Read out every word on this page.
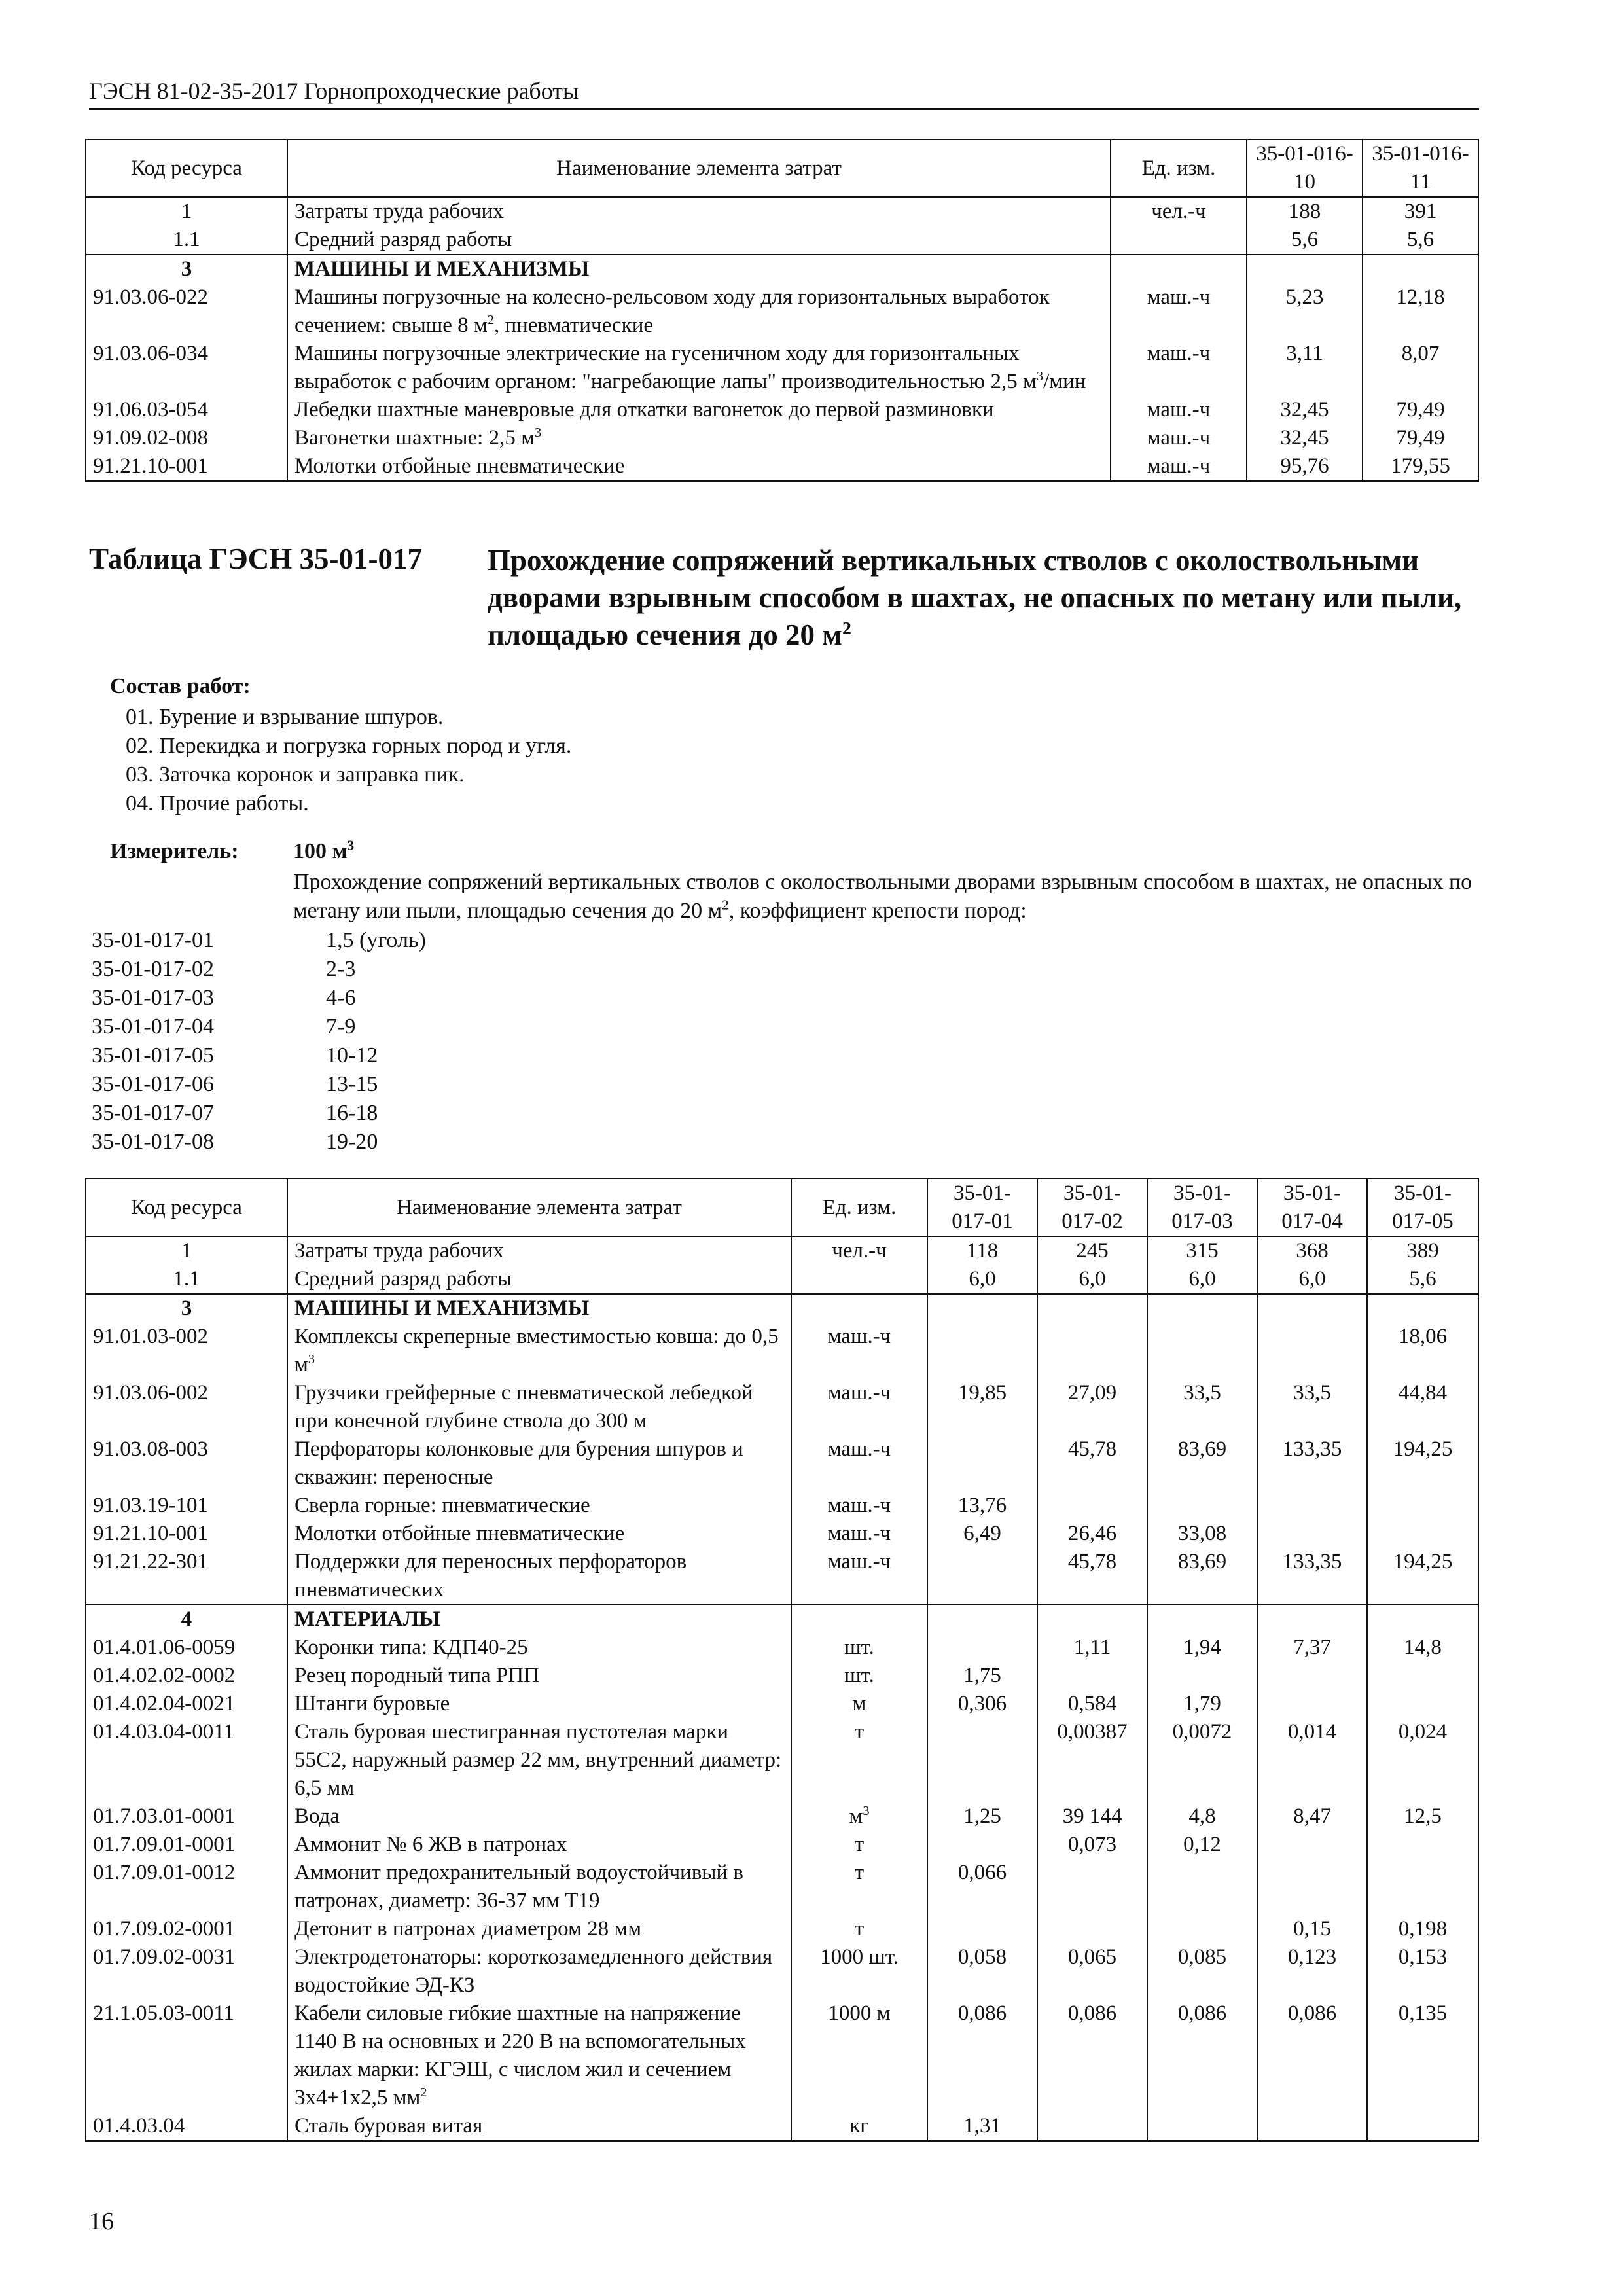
ГЭСН 81-02-35-2017 Горнопроходческие работы
Код ресурса	Наименование элемента затрат	Ед. изм.	35-01-016-10	35-01-016-11
1	Затраты труда рабочих	чел.-ч	188	391
1.1	Средний разряд работы		5,6	5,6
3	МАШИНЫ И МЕХАНИЗМЫ			
91.03.06-022	Машины погрузочные на колесно-рельсовом ходу для горизонтальных выработок сечением: свыше 8 $м^2$, пневматические	маш.-ч	5,23	12,18
91.03.06-034	Машины погрузочные электрические на гусеничном ходу для горизонтальных выработок с рабочим органом: "нагребающие лапы" производительностью 2,5 $м^3$/мин	маш.-ч	3,11	8,07
91.06.03-054	Лебедки шахтные маневровые для откатки вагонеток до первой разминовки	маш.-ч	32,45	79,49
91.09.02-008	Вагонетки шахтные: 2,5 $м^3$	маш.-ч	32,45	79,49
91.21.10-001	Молотки отбойные пневматические	маш.-ч	95,76	179,55
Таблица ГЭСН 35-01-017 Прохождение сопряжений вертикальных стволов с околоствольными дворами взрывным способом в шахтах, не опасных по метану или пыли, площадью сечения до 20 $м^2$
Состав работ:
01. Бурение и взрывание шпуров.
02. Перекидка и погрузка горных пород и угля.
03. Заточка коронок и заправка пик.
04. Прочие работы.
Измеритель: 100 $м^3$
Прохождение сопряжений вертикальных стволов с околоствольными дворами взрывным способом в шахтах, не опасных по метану или пыли, площадью сечения до 20 $м^2$, коэффициент крепости пород:
35-01-017-01	1,5 (уголь)
35-01-017-02	2-3
35-01-017-03	4-6
35-01-017-04	7-9
35-01-017-05	10-12
35-01-017-06	13-15
35-01-017-07	16-18
35-01-017-08	19-20
Код ресурса	Наименование элемента затрат	Ед. изм.	35-01-017-01	35-01-017-02	35-01-017-03	35-01-017-04	35-01-017-05
1	Затраты труда рабочих	чел.-ч	118	245	315	368	389
1.1	Средний разряд работы		6,0	6,0	6,0	6,0	5,6
3	МАШИНЫ И МЕХАНИЗМЫ						
91.01.03-002	Комплексы скреперные вместимостью ковша: до 0,5 $м^3$	маш.-ч					18,06
91.03.06-002	Грузчики грейферные с пневматической лебедкой при конечной глубине ствола до 300 м	маш.-ч	19,85	27,09	33,5	33,5	44,84
91.03.08-003	Перфораторы колонковые для бурения шпуров и скважин: переносные	маш.-ч		45,78	83,69	133,35	194,25
91.03.19-101	Сверла горные: пневматические	маш.-ч	13,76				
91.21.10-001	Молотки отбойные пневматические	маш.-ч	6,49	26,46	33,08		
91.21.22-301	Поддержки для переносных перфораторов пневматических	маш.-ч		45,78	83,69	133,35	194,25
4	МАТЕРИАЛЫ						
01.4.01.06-0059	Коронки типа: КДП40-25	шт.		1,11	1,94	7,37	14,8
01.4.02.02-0002	Резец породный типа РПП	шт.	1,75				
01.4.02.04-0021	Штанги буровые	м	0,306	0,584	1,79		
01.4.03.04-0011	Сталь буровая шестигранная пустотелая марки 55С2, наружный размер 22 мм, внутренний диаметр: 6,5 мм	т		0,00387	0,0072	0,014	0,024
01.7.03.01-0001	Вода	$м^3$	1,25	39 144	4,8	8,47	12,5
01.7.09.01-0001	Аммонит № 6 ЖВ в патронах	т		0,073	0,12		
01.7.09.01-0012	Аммонит предохранительный водоустойчивый в патронах, диаметр: 36-37 мм Т19	т	0,066				
01.7.09.02-0001	Детонит в патронах диаметром 28 мм	т				0,15	0,198
01.7.09.02-0031	Электродетонаторы: короткозамедленного действия водостойкие ЭД-КЗ	1000 шт.	0,058	0,065	0,085	0,123	0,153
21.1.05.03-0011	Кабели силовые гибкие шахтные на напряжение 1140 В на основных и 220 В на вспомогательных жилах марки: КГЭШ, с числом жил и сечением 3х4+1х2,5 $мм^2$	1000 м	0,086	0,086	0,086	0,086	0,135
01.4.03.04	Сталь буровая витая	кг	1,31				
16
